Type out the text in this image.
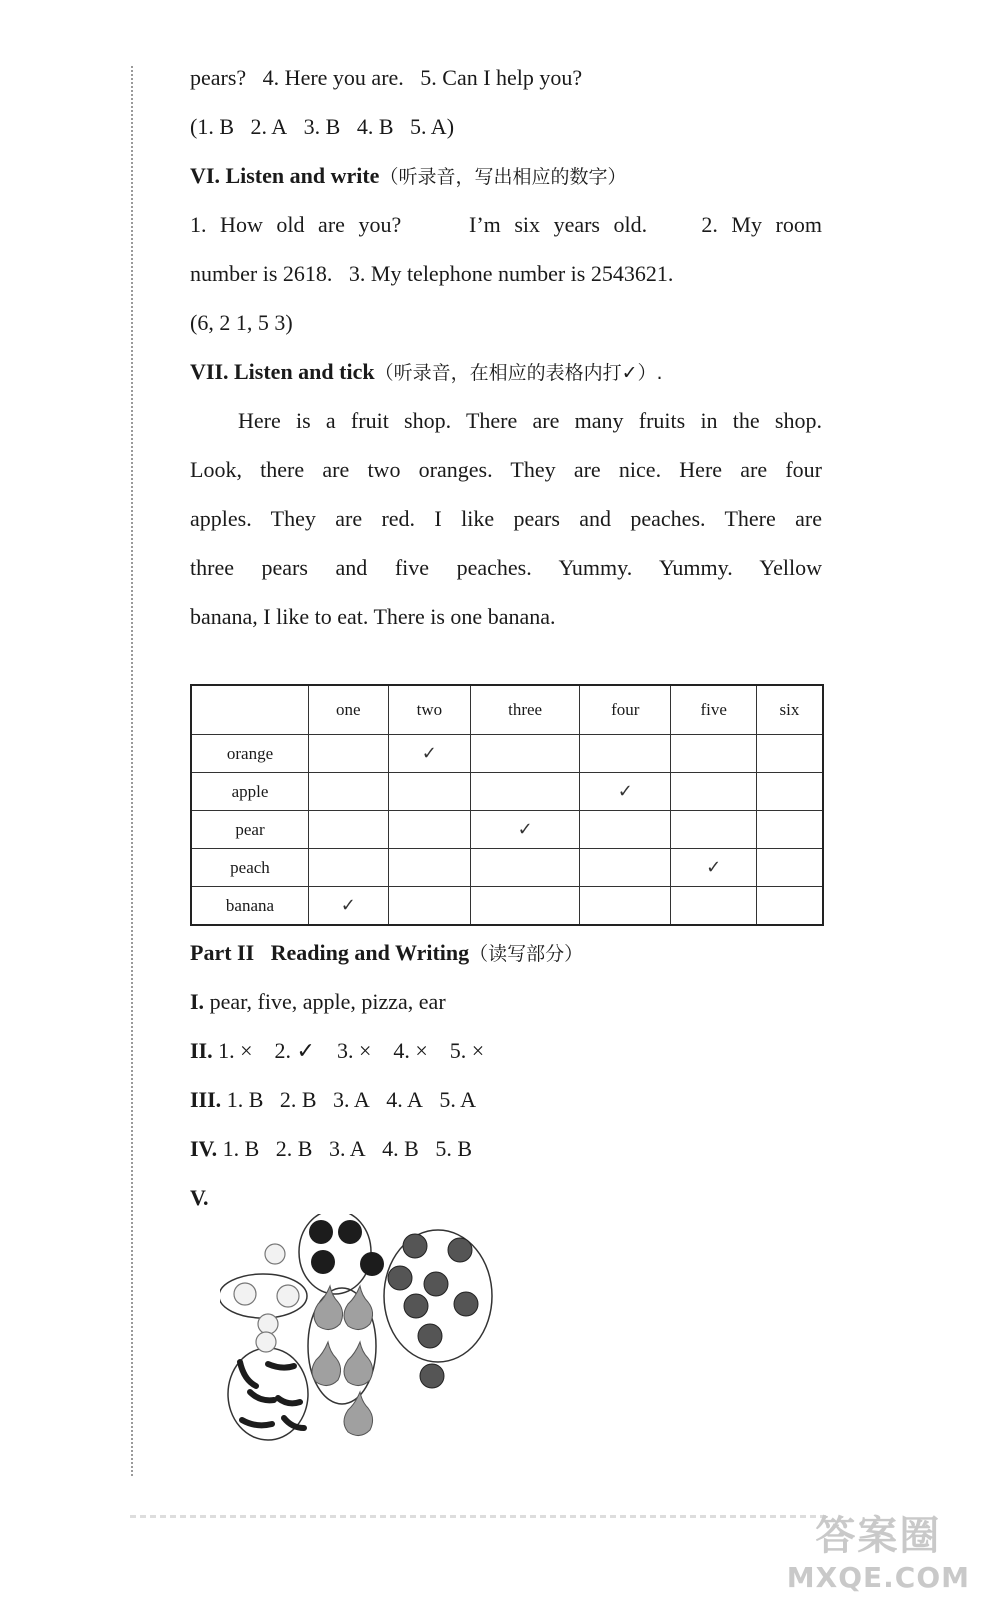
pears?   4. Here you are.   5. Can I help you?
(1. B   2. A   3. B   4. B   5. A)
VI. Listen and write（听录音，写出相应的数字）
1. How old are you?     I’m six years old.    2. My room
number is 2618.   3. My telephone number is 2543621.
(6, 2 1, 5 3)
VII. Listen and tick（听录音，在相应的表格内打✓）.
Here is a fruit shop. There are many fruits in the shop.
Look, there are two oranges. They are nice. Here are four
apples. They are red. I like pears and peaches. There are
three pears and five peaches. Yummy. Yummy. Yellow
banana, I like to eat. There is one banana.
	one	two	three	four	five	six
orange		✓				
apple				✓		
pear			✓			
peach					✓	
banana	✓					
Part II   Reading and Writing（读写部分）
I. pear, five, apple, pizza, ear
II. 1. ×    2. ✓    3. ×    4. ×    5. ×
III. 1. B   2. B   3. A   4. A   5. A
IV. 1. B   2. B   3. A   4. B   5. B
V.
答案圈
MXQE.COM
